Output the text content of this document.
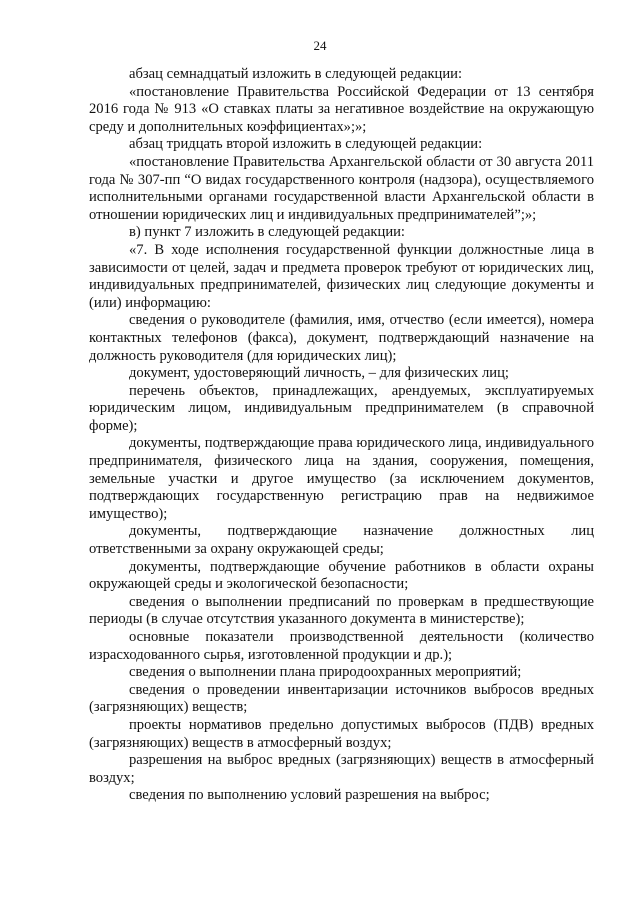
24

абзац семнадцатый изложить в следующей редакции:

«постановление Правительства Российской Федерации от 13 сентября 2016 года № 913 «О ставках платы за негативное воздействие на окружающую среду и дополнительных коэффициентах»;»;

абзац тридцать второй изложить в следующей редакции:

«постановление Правительства Архангельской области от 30 августа 2011 года № 307-пп “О видах государственного контроля (надзора), осуществляемого исполнительными органами государственной власти Архангельской области в отношении юридических лиц и индивидуальных предпринимателей”;»;

в) пункт 7 изложить в следующей редакции:

«7. В ходе исполнения государственной функции должностные лица в зависимости от целей, задач и предмета проверок требуют от юридических лиц, индивидуальных предпринимателей, физических лиц следующие документы и (или) информацию:

сведения о руководителе (фамилия, имя, отчество (если имеется), номера контактных телефонов (факса), документ, подтверждающий назначение на должность руководителя (для юридических лиц);

документ, удостоверяющий личность, – для физических лиц;

перечень объектов, принадлежащих, арендуемых, эксплуатируемых юридическим лицом, индивидуальным предпринимателем (в справочной форме);

документы, подтверждающие права юридического лица, индивидуального предпринимателя, физического лица на здания, сооружения, помещения, земельные участки и другое имущество (за исключением документов, подтверждающих государственную регистрацию прав на недвижимое имущество);

документы, подтверждающие назначение должностных лиц ответственными за охрану окружающей среды;

документы, подтверждающие обучение работников в области охраны окружающей среды и экологической безопасности;

сведения о выполнении предписаний по проверкам в предшествующие периоды (в случае отсутствия указанного документа в министерстве);

основные показатели производственной деятельности (количество израсходованного сырья, изготовленной продукции и др.);

сведения о выполнении плана природоохранных мероприятий;

сведения о проведении инвентаризации источников выбросов вредных (загрязняющих) веществ;

проекты нормативов предельно допустимых выбросов (ПДВ) вредных (загрязняющих) веществ в атмосферный воздух;

разрешения на выброс вредных (загрязняющих) веществ в атмосферный воздух;

сведения по выполнению условий разрешения на выброс;
